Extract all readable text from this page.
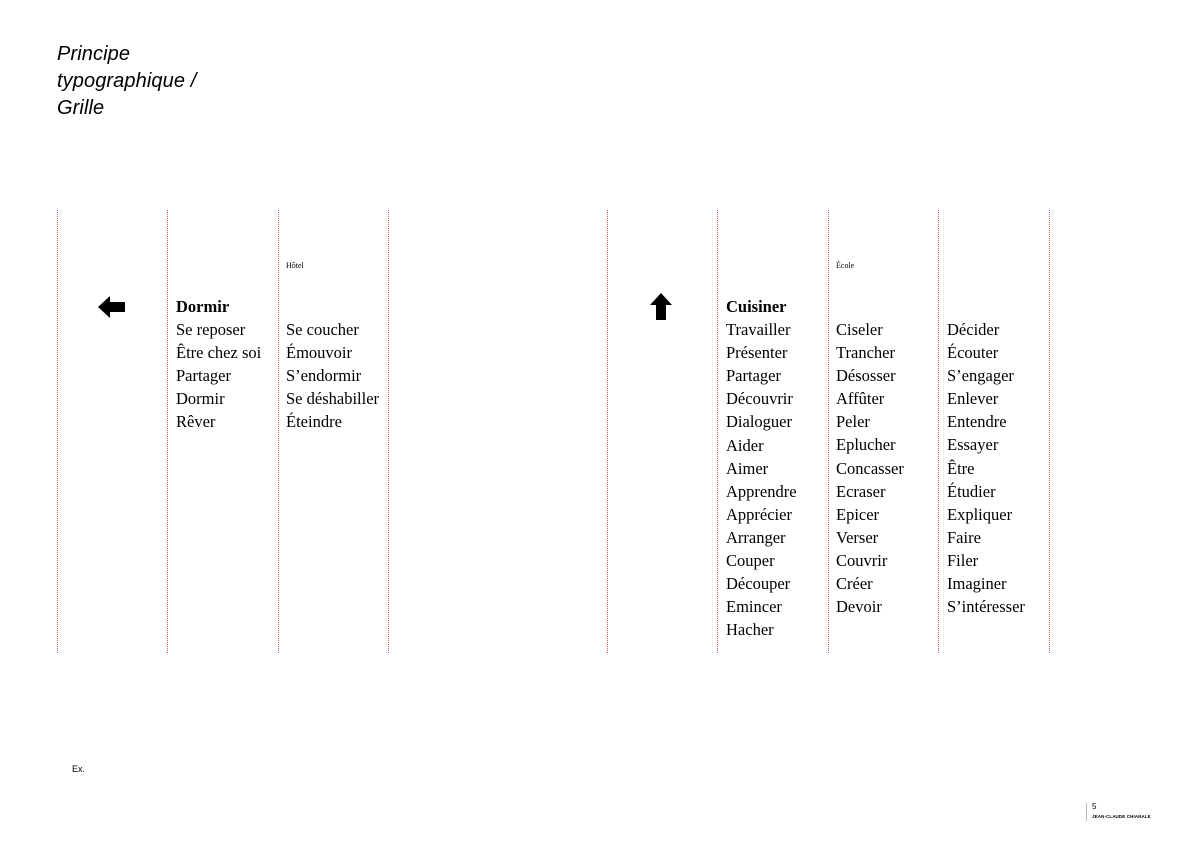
Principe
typographique /
Grille
Hôtel
Dormir
Se reposer
Être chez soi
Partager
Dormir
Rêver
Se coucher
Émouvoir
S’endormir
Se déshabiller
Éteindre
École
Cuisiner
Travailler
Présenter
Partager
Découvrir
Dialoguer
Aider
Aimer
Apprendre
Apprécier
Arranger
Couper
Découper
Emincer
Hacher
Ciseler
Trancher
Désosser
Affûter
Peler
Eplucher
Concasser
Ecraser
Epicer
Verser
Couvrir
Créer
Devoir
Décider
Écouter
S’engager
Enlever
Entendre
Essayer
Être
Étudier
Expliquer
Faire
Filer
Imaginer
S’intéresser
Ex.
5
JEAN-CLAUDE CHIANALE
